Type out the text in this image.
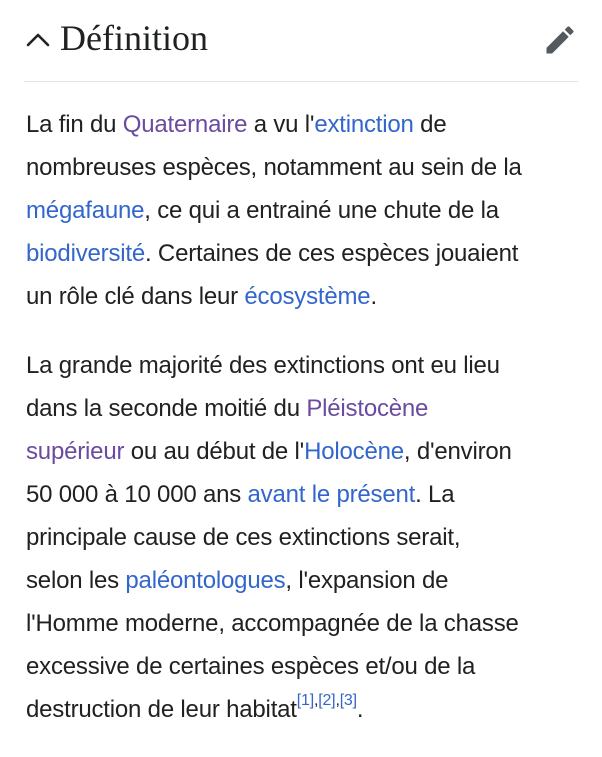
Définition

La fin du Quaternaire a vu l'extinction de
nombreuses espèces, notamment au sein de la
mégafaune, ce qui a entrainé une chute de la
biodiversité. Certaines de ces espèces jouaient
un rôle clé dans leur écosystème.

La grande majorité des extinctions ont eu lieu
dans la seconde moitié du Pléistocène
supérieur ou au début de l'Holocène, d'environ
50 000 à 10 000 ans avant le présent. La
principale cause de ces extinctions serait,
selon les paléontologues, l'expansion de
l'Homme moderne, accompagnée de la chasse
excessive de certaines espèces et/ou de la
destruction de leur habitat[1],[2],[3].
